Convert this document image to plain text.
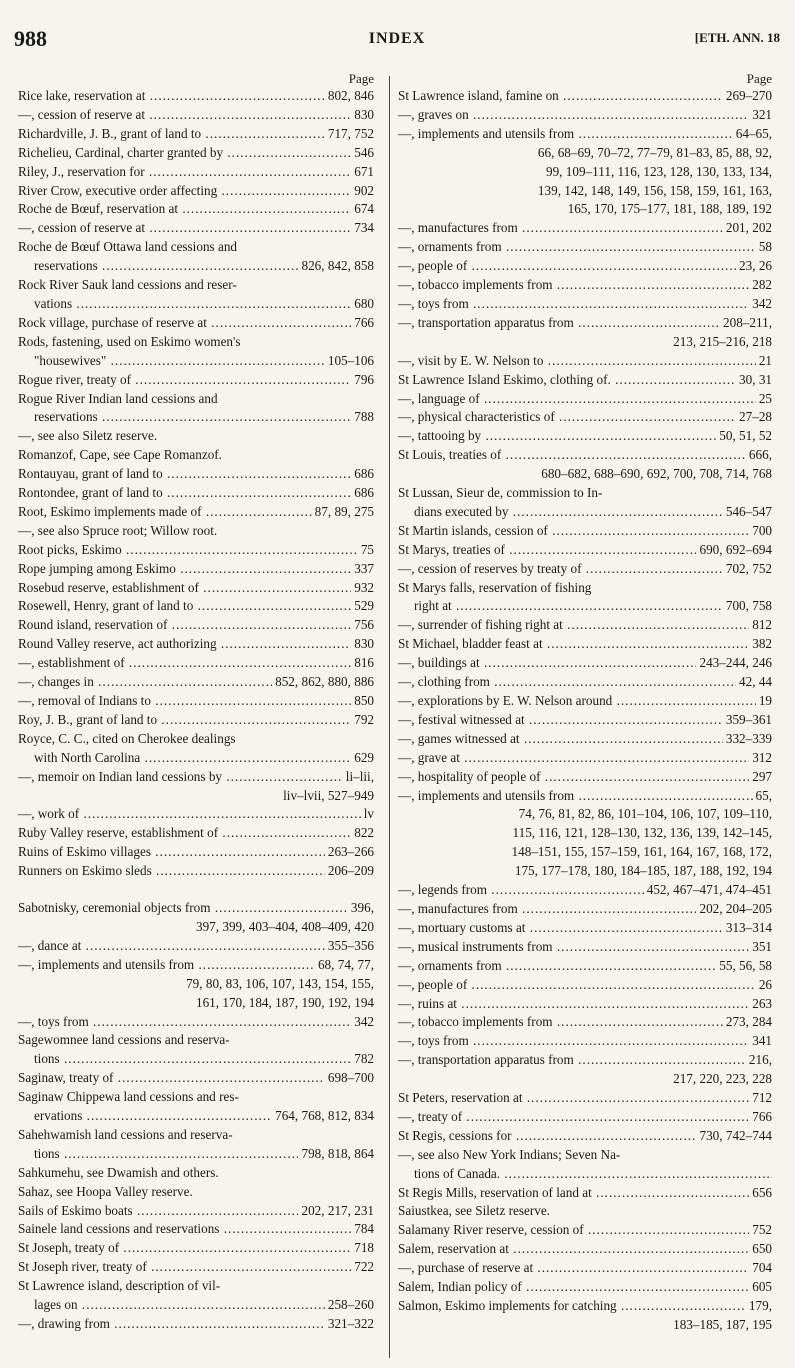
988	INDEX	[ETH. ANN. 18
Page
Rice lake, reservation at .....	802, 846
—, cession of reserve at .....	830
Richardville, J. B., grant of land to .....	717, 752
Richelieu, Cardinal, charter granted by .....	546
Riley, J., reservation for .....	671
River Crow, executive order affecting .....	902
Roche de Bœuf, reservation at .....	674
—, cession of reserve at .....	734
Roche de Bœuf Ottawa land cessions and
reservations .....	826, 842, 858
Rock River Sauk land cessions and reser-
vations .....	680
Rock village, purchase of reserve at .....	766
Rods, fastening, used on Eskimo women's
"housewives" .....	105–106
Rogue river, treaty of .....	796
Rogue River Indian land cessions and
reservations .....	788
—, see also Siletz reserve.
Romanzof, Cape, see Cape Romanzof.
Rontauyau, grant of land to .....	686
Rontondee, grant of land to .....	686
Root, Eskimo implements made of .....	87, 89, 275
—, see also Spruce root; Willow root.
Root picks, Eskimo .....	75
Rope jumping among Eskimo .....	337
Rosebud reserve, establishment of .....	932
Rosewell, Henry, grant of land to .....	529
Round island, reservation of .....	756
Round Valley reserve, act authorizing .....	830
—, establishment of .....	816
—, changes in .....	852, 862, 880, 886
—, removal of Indians to .....	850
Roy, J. B., grant of land to .....	792
Royce, C. C., cited on Cherokee dealings
with North Carolina .....	629
—, memoir on Indian land cessions by .....	li–lii,
liv–lvii, 527–949
—, work of .....	lv
Ruby Valley reserve, establishment of .....	822
Ruins of Eskimo villages .....	263–266
Runners on Eskimo sleds .....	206–209
Sabotnisky, ceremonial objects from .....	396,
397, 399, 403–404, 408–409, 420
—, dance at .....	355–356
—, implements and utensils from .....	68, 74, 77,
79, 80, 83, 106, 107, 143, 154, 155,
161, 170, 184, 187, 190, 192, 194
—, toys from .....	342
Sagewomnee land cessions and reserva-
tions .....	782
Saginaw, treaty of .....	698–700
Saginaw Chippewa land cessions and res-
ervations .....	764, 768, 812, 834
Sahehwamish land cessions and reserva-
tions .....	798, 818, 864
Sahkumehu, see Dwamish and others.
Sahaz, see Hoopa Valley reserve.
Sails of Eskimo boats .....	202, 217, 231
Sainele land cessions and reservations .....	784
St Joseph, treaty of .....	718
St Joseph river, treaty of .....	722
St Lawrence island, description of vil-
lages on .....	258–260
—, drawing from .....	321–322
Page
St Lawrence island, famine on .....	269–270
—, graves on .....	321
—, implements and utensils from .....	64–65,
66, 68–69, 70–72, 77–79, 81–83, 85, 88, 92,
99, 109–111, 116, 123, 128, 130, 133, 134,
139, 142, 148, 149, 156, 158, 159, 161, 163,
165, 170, 175–177, 181, 188, 189, 192
—, manufactures from .....	201, 202
—, ornaments from .....	58
—, people of .....	23, 26
—, tobacco implements from .....	282
—, toys from .....	342
—, transportation apparatus from .....	208–211,
213, 215–216, 218
—, visit by E. W. Nelson to .....	21
St Lawrence Island Eskimo, clothing of. .....	30, 31
—, language of .....	25
—, physical characteristics of .....	27–28
—, tattooing by .....	50, 51, 52
St Louis, treaties of .....	666,
680–682, 688–690, 692, 700, 708, 714, 768
St Lussan, Sieur de, commission to In-
dians executed by .....	546–547
St Martin islands, cession of .....	700
St Marys, treaties of .....	690, 692–694
—, cession of reserves by treaty of .....	702, 752
St Marys falls, reservation of fishing
right at .....	700, 758
—, surrender of fishing right at .....	812
St Michael, bladder feast at .....	382
—, buildings at .....	243–244, 246
—, clothing from .....	42, 44
—, explorations by E. W. Nelson around .....	19
—, festival witnessed at .....	359–361
—, games witnessed at .....	332–339
—, grave at .....	312
—, hospitality of people of .....	297
—, implements and utensils from .....	65,
74, 76, 81, 82, 86, 101–104, 106, 107, 109–110,
115, 116, 121, 128–130, 132, 136, 139, 142–145,
148–151, 155, 157–159, 161, 164, 167, 168, 172,
175, 177–178, 180, 184–185, 187, 188, 192, 194
—, legends from .....	452, 467–471, 474–451
—, manufactures from .....	202, 204–205
—, mortuary customs at .....	313–314
—, musical instruments from .....	351
—, ornaments from .....	55, 56, 58
—, people of .....	26
—, ruins at .....	263
—, tobacco implements from .....	273, 284
—, toys from .....	341
—, transportation apparatus from .....	216,
217, 220, 223, 228
St Peters, reservation at .....	712
—, treaty of .....	766
St Regis, cessions for .....	730, 742–744
—, see also New York Indians; Seven Na-
tions of Canada. .....
St Regis Mills, reservation of land at .....	656
Saiustkea, see Siletz reserve.
Salamany River reserve, cession of .....	752
Salem, reservation at .....	650
—, purchase of reserve at .....	704
Salem, Indian policy of .....	605
Salmon, Eskimo implements for catching .....	179,
183–185, 187, 195
